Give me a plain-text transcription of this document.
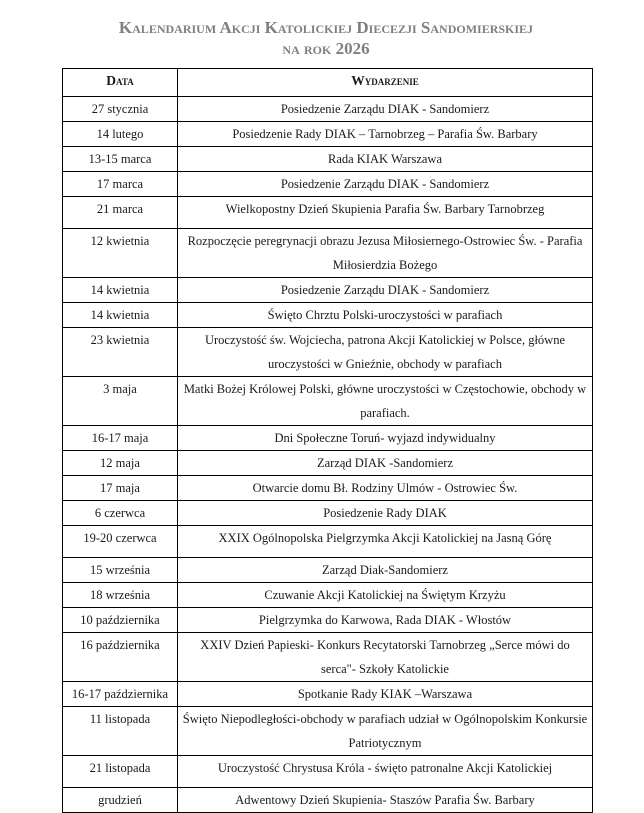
Kalendarium Akcji Katolickiej Diecezji Sandomierskiej
na rok 2026
Data	Wydarzenie
27 stycznia	Posiedzenie Zarządu DIAK - Sandomierz
14 lutego	Posiedzenie Rady DIAK – Tarnobrzeg – Parafia Św. Barbary
13-15 marca	Rada KIAK Warszawa
17 marca	Posiedzenie Zarządu DIAK - Sandomierz
21 marca	Wielkopostny Dzień Skupienia Parafia Św. Barbary Tarnobrzeg
12 kwietnia	Rozpoczęcie peregrynacji obrazu Jezusa Miłosiernego-Ostrowiec Św. - Parafia Miłosierdzia Bożego
14 kwietnia	Posiedzenie Zarządu DIAK - Sandomierz
14 kwietnia	Święto Chrztu Polski-uroczystości w parafiach
23 kwietnia	Uroczystość św. Wojciecha, patrona Akcji Katolickiej w Polsce, główne uroczystości w Gnieźnie, obchody w parafiach
3 maja	Matki Bożej Królowej Polski, główne uroczystości w Częstochowie, obchody w parafiach.
16-17 maja	Dni Społeczne Toruń- wyjazd indywidualny
12 maja	Zarząd DIAK -Sandomierz
17 maja	Otwarcie domu Bł. Rodziny Ulmów - Ostrowiec Św.
6 czerwca	Posiedzenie Rady DIAK
19-20 czerwca	XXIX Ogólnopolska Pielgrzymka Akcji Katolickiej na Jasną Górę
15 września	Zarząd Diak-Sandomierz
18 września	Czuwanie Akcji Katolickiej na Świętym Krzyżu
10 października	Pielgrzymka do Karwowa, Rada DIAK - Włostów
16 października	XXIV Dzień Papieski- Konkurs Recytatorski Tarnobrzeg „Serce mówi do serca"- Szkoły Katolickie
16-17 października	Spotkanie Rady KIAK –Warszawa
11 listopada	Święto Niepodległości-obchody w parafiach udział w Ogólnopolskim Konkursie Patriotycznym
21 listopada	Uroczystość Chrystusa Króla - święto patronalne Akcji Katolickiej
grudzień	Adwentowy Dzień Skupienia- Staszów Parafia Św. Barbary
